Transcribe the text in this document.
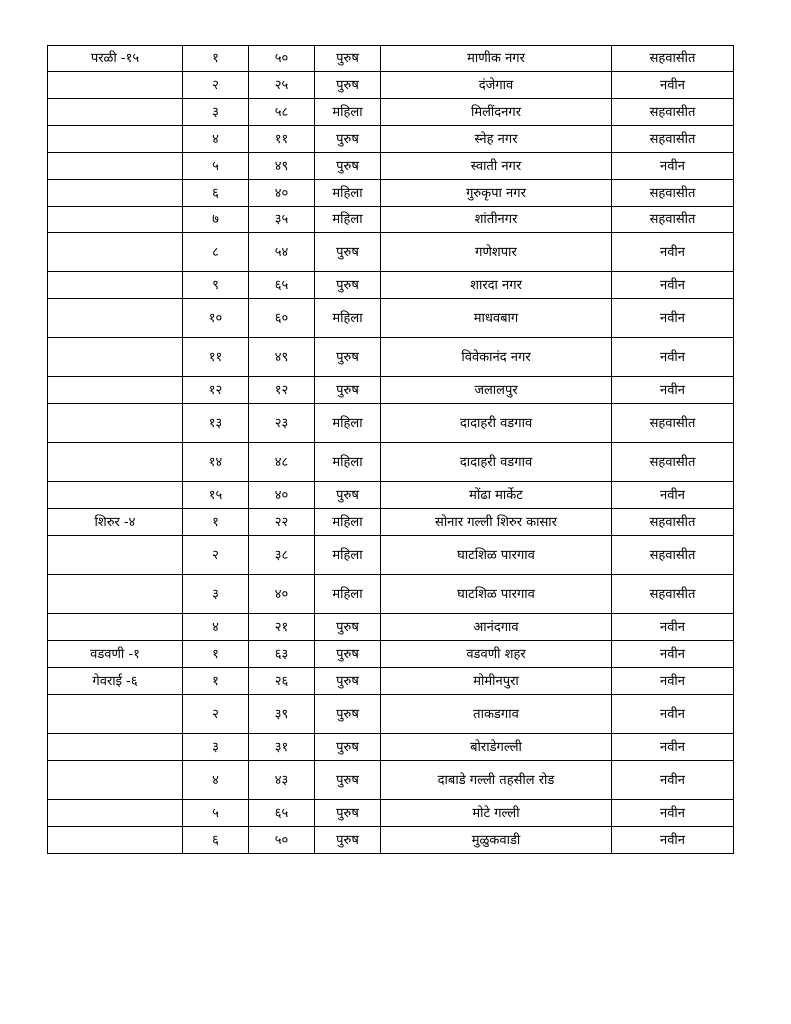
परळी -१५	१	५०	पुरुष	माणीक नगर	सहवासीत
	२	२५	पुरुष	दंजेगाव	नवीन
	३	५८	महिला	मिलींदनगर	सहवासीत
	४	११	पुरुष	स्नेह नगर	सहवासीत
	५	४९	पुरुष	स्वाती नगर	नवीन
	६	४०	महिला	गुरुकृपा नगर	सहवासीत
	७	३५	महिला	शांतीनगर	सहवासीत
	८	५४	पुरुष	गणेशपार	नवीन
	९	६५	पुरुष	शारदा नगर	नवीन
	१०	६०	महिला	माधवबाग	नवीन
	११	४९	पुरुष	विवेकानंद नगर	नवीन
	१२	१२	पुरुष	जलालपुर	नवीन
	१३	२३	महिला	दादाहरी वडगाव	सहवासीत
	१४	४८	महिला	दादाहरी वडगाव	सहवासीत
	१५	४०	पुरुष	मोंढा मार्केट	नवीन
शिरुर -४	१	२२	महिला	सोनार गल्ली शिरुर कासार	सहवासीत
	२	३८	महिला	घाटशिळ पारगाव	सहवासीत
	३	४०	महिला	घाटशिळ पारगाव	सहवासीत
	४	२१	पुरुष	आनंदगाव	नवीन
वडवणी -१	१	६३	पुरुष	वडवणी शहर	नवीन
गेवराई -६	१	२६	पुरुष	मोमीनपुरा	नवीन
	२	३९	पुरुष	ताकडगाव	नवीन
	३	३१	पुरुष	बोराडेगल्ली	नवीन
	४	४३	पुरुष	दाबाडे गल्ली तहसील रोड	नवीन
	५	६५	पुरुष	मोटे गल्ली	नवीन
	६	५०	पुरुष	मुळुकवाडी	नवीन
